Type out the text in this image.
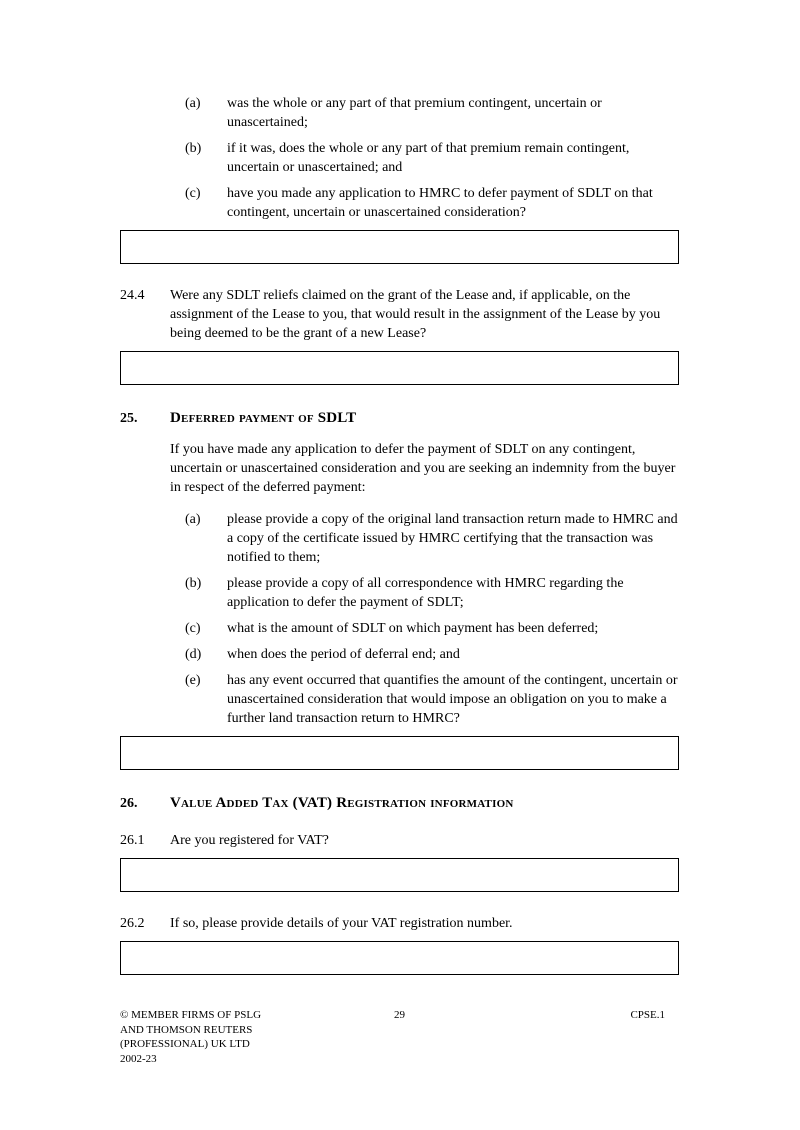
(a)	was the whole or any part of that premium contingent, uncertain or unascertained;
(b)	if it was, does the whole or any part of that premium remain contingent, uncertain or unascertained; and
(c)	have you made any application to HMRC to defer payment of SDLT on that contingent, uncertain or unascertained consideration?
24.4	Were any SDLT reliefs claimed on the grant of the Lease and, if applicable, on the assignment of the Lease to you, that would result in the assignment of the Lease by you being deemed to be the grant of a new Lease?
25.	Deferred payment of SDLT
If you have made any application to defer the payment of SDLT on any contingent, uncertain or unascertained consideration and you are seeking an indemnity from the buyer in respect of the deferred payment:
(a)	please provide a copy of the original land transaction return made to HMRC and a copy of the certificate issued by HMRC certifying that the transaction was notified to them;
(b)	please provide a copy of all correspondence with HMRC regarding the application to defer the payment of SDLT;
(c)	what is the amount of SDLT on which payment has been deferred;
(d)	when does the period of deferral end; and
(e)	has any event occurred that quantifies the amount of the contingent, uncertain or unascertained consideration that would impose an obligation on you to make a further land transaction return to HMRC?
26.	Value Added Tax (VAT) Registration information
26.1	Are you registered for VAT?
26.2	If so, please provide details of your VAT registration number.
© MEMBER FIRMS OF PSLG
AND THOMSON REUTERS
(PROFESSIONAL) UK LTD
2002-23
29	CPSE.1
